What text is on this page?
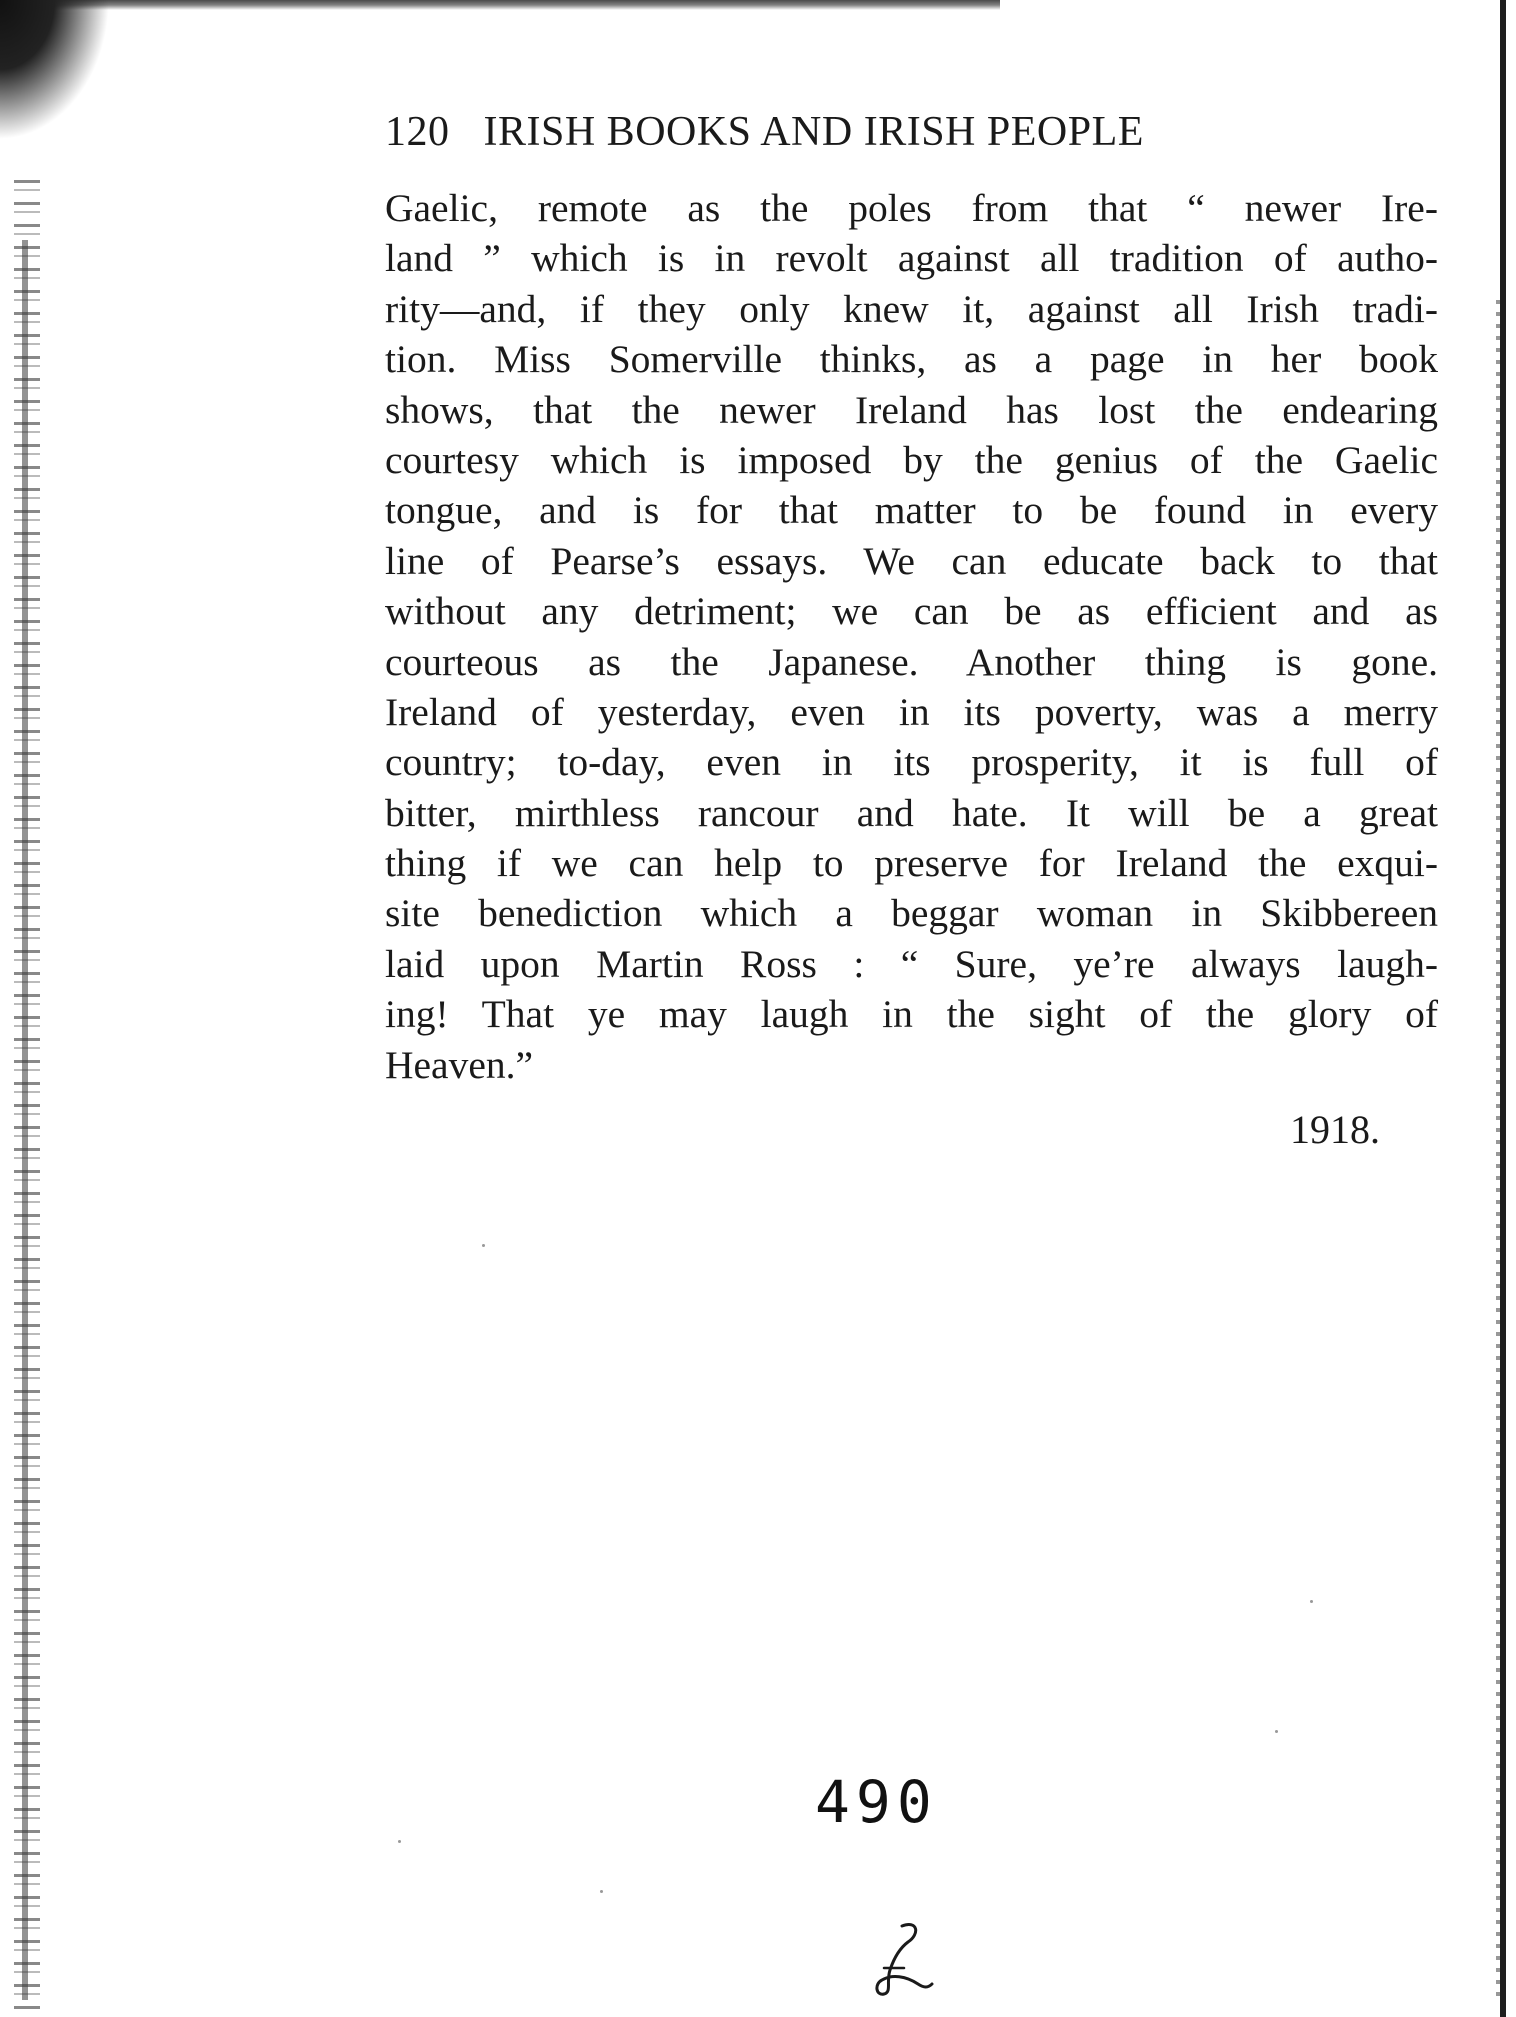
120 IRISH BOOKS AND IRISH PEOPLE
Gaelic, remote as the poles from that “ newer Ire-
land ” which is in revolt against all tradition of autho-
rity—and, if they only knew it, against all Irish tradi-
tion. Miss Somerville thinks, as a page in her book
shows, that the newer Ireland has lost the endearing
courtesy which is imposed by the genius of the Gaelic
tongue, and is for that matter to be found in every
line of Pearse’s essays. We can educate back to that
without any detriment; we can be as efficient and as
courteous as the Japanese. Another thing is gone.
Ireland of yesterday, even in its poverty, was a merry
country; to-day, even in its prosperity, it is full of
bitter, mirthless rancour and hate. It will be a great
thing if we can help to preserve for Ireland the exqui-
site benediction which a beggar woman in Skibbereen
laid upon Martin Ross : “ Sure, ye’re always laugh-
ing! That ye may laugh in the sight of the glory of
Heaven.”
1918.
490
